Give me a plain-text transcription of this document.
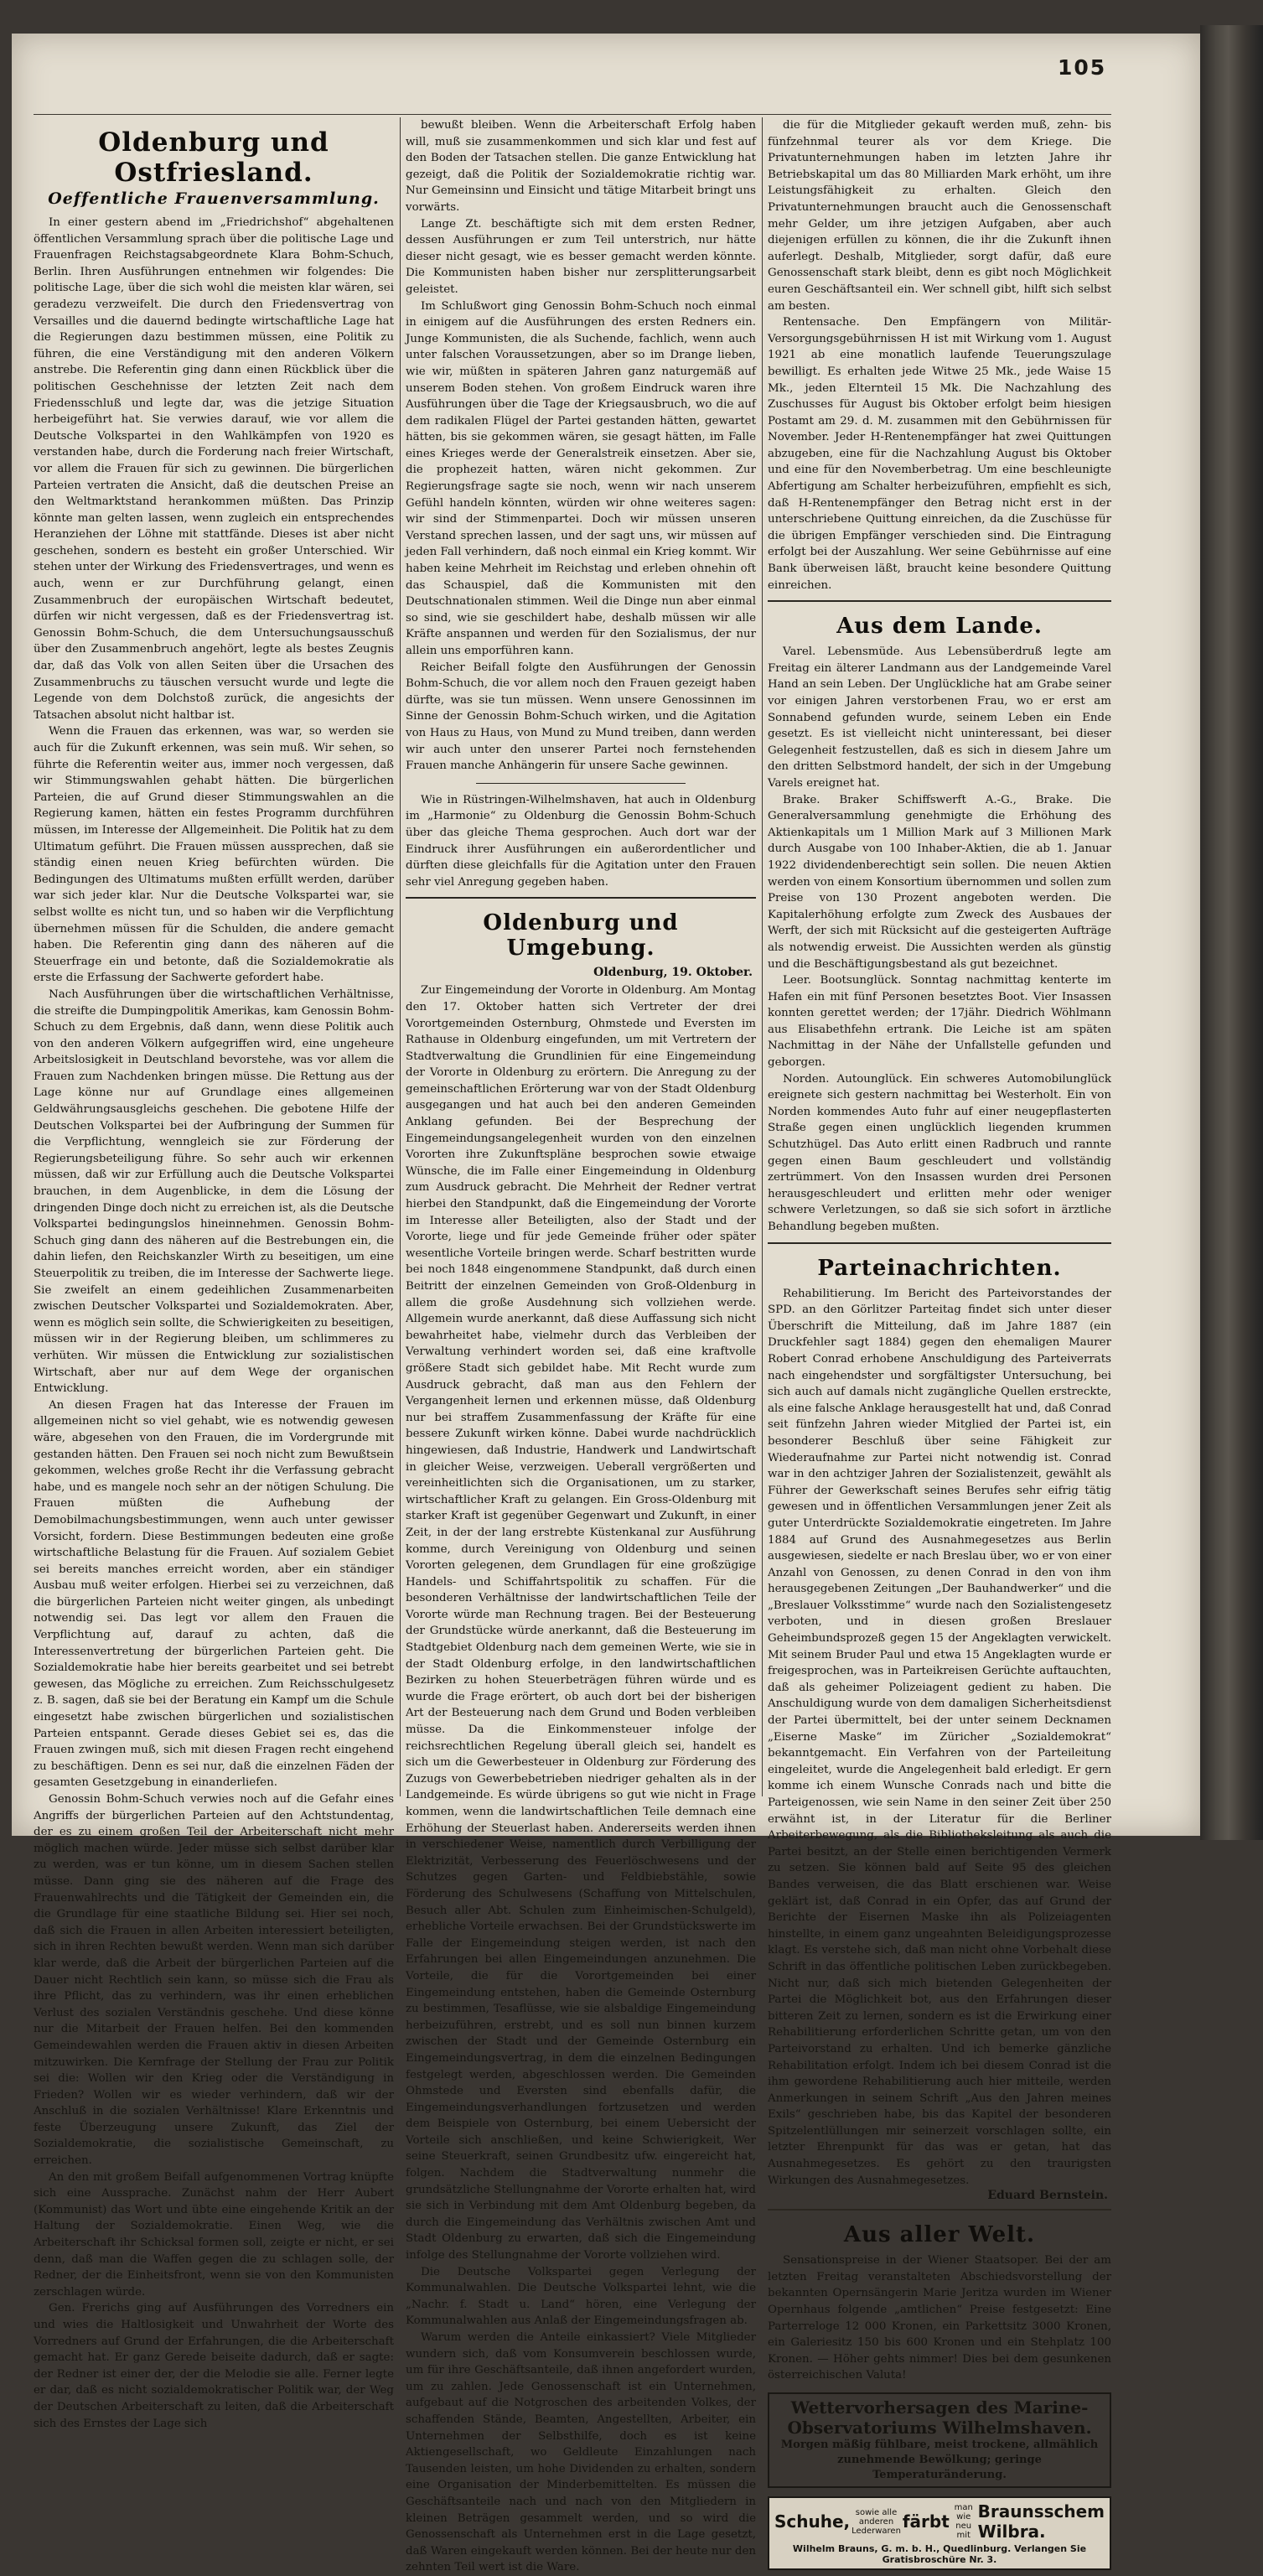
105
Oldenburg und Ostfriesland.
Oeffentliche Frauenversammlung.

In einer gestern abend im „Friedrichshof“ abgehaltenen öffentlichen Versammlung sprach über die politische Lage und Frauenfragen Reichstagsabgeordnete Klara Bohm-Schuch, Berlin. Ihren Ausführungen entnehmen wir folgendes: Die politische Lage, über die sich wohl die meisten klar wären, sei geradezu verzweifelt. Die durch den Friedensvertrag von Versailles und die dauernd bedingte wirtschaftliche Lage hat die Regierungen dazu bestimmen müssen, eine Politik zu führen, die eine Verständigung mit den anderen Völkern anstrebe. Die Referentin ging dann einen Rückblick über die politischen Geschehnisse der letzten Zeit nach dem Friedensschluß und legte dar, was die jetzige Situation herbeigeführt hat. Sie verwies darauf, wie vor allem die Deutsche Volkspartei in den Wahlkämpfen von 1920 es verstanden habe, durch die Forderung nach freier Wirtschaft, vor allem die Frauen für sich zu gewinnen. Die bürgerlichen Parteien vertraten die Ansicht, daß die deutschen Preise an den Weltmarktstand herankommen müßten. Das Prinzip könnte man gelten lassen, wenn zugleich ein entsprechendes Heranziehen der Löhne mit stattfände. Dieses ist aber nicht geschehen, sondern es besteht ein großer Unterschied. Wir stehen unter der Wirkung des Friedensvertrages, und wenn es auch, wenn er zur Durchführung gelangt, einen Zusammenbruch der europäischen Wirtschaft bedeutet, dürfen wir nicht vergessen, daß es der Friedensvertrag ist. Genossin Bohm-Schuch, die dem Untersuchungsausschuß über den Zusammenbruch angehört, legte als bestes Zeugnis dar, daß das Volk von allen Seiten über die Ursachen des Zusammenbruchs zu täuschen versucht wurde und legte die Legende von dem Dolchstoß zurück, die angesichts der Tatsachen absolut nicht haltbar ist.

Wenn die Frauen das erkennen, was war, so werden sie auch für die Zukunft erkennen, was sein muß. Wir sehen, so führte die Referentin weiter aus, immer noch vergessen, daß wir Stimmungswahlen gehabt hätten. Die bürgerlichen Parteien, die auf Grund dieser Stimmungswahlen an die Regierung kamen, hätten ein festes Programm durchführen müssen, im Interesse der Allgemeinheit. Die Politik hat zu dem Ultimatum geführt. Die Frauen müssen aussprechen, daß sie ständig einen neuen Krieg befürchten würden. Die Bedingungen des Ultimatums mußten erfüllt werden, darüber war sich jeder klar. Nur die Deutsche Volkspartei war, sie selbst wollte es nicht tun, und so haben wir die Verpflichtung übernehmen müssen für die Schulden, die andere gemacht haben. Die Referentin ging dann des näheren auf die Steuerfrage ein und betonte, daß die Sozialdemokratie als erste die Erfassung der Sachwerte gefordert habe.

Nach Ausführungen über die wirtschaftlichen Verhältnisse, die streifte die Dumpingpolitik Amerikas, kam Genossin Bohm-Schuch zu dem Ergebnis, daß dann, wenn diese Politik auch von den anderen Völkern aufgegriffen wird, eine ungeheure Arbeitslosigkeit in Deutschland bevorstehe, was vor allem die Frauen zum Nachdenken bringen müsse. Die Rettung aus der Lage könne nur auf Grundlage eines allgemeinen Geldwährungsausgleichs geschehen. Die gebotene Hilfe der Deutschen Volkspartei bei der Aufbringung der Summen für die Verpflichtung, wenngleich sie zur Förderung der Regierungsbeteiligung führe. So sehr auch wir erkennen müssen, daß wir zur Erfüllung auch die Deutsche Volkspartei brauchen, in dem Augenblicke, in dem die Lösung der dringenden Dinge doch nicht zu erreichen ist, als die Deutsche Volkspartei bedingungslos hineinnehmen. Genossin Bohm-Schuch ging dann des näheren auf die Bestrebungen ein, die dahin liefen, den Reichskanzler Wirth zu beseitigen, um eine Steuerpolitik zu treiben, die im Interesse der Sachwerte liege. Sie zweifelt an einem gedeihlichen Zusammenarbeiten zwischen Deutscher Volkspartei und Sozialdemokraten. Aber, wenn es möglich sein sollte, die Schwierigkeiten zu beseitigen, müssen wir in der Regierung bleiben, um schlimmeres zu verhüten. Wir müssen die Entwicklung zur sozialistischen Wirtschaft, aber nur auf dem Wege der organischen Entwicklung.

An diesen Fragen hat das Interesse der Frauen im allgemeinen nicht so viel gehabt, wie es notwendig gewesen wäre, abgesehen von den Frauen, die im Vordergrunde mit gestanden hätten. Den Frauen sei noch nicht zum Bewußtsein gekommen, welches große Recht ihr die Verfassung gebracht habe, und es mangele noch sehr an der nötigen Schulung. Die Frauen müßten die Aufhebung der Demobilmachungsbestimmungen, wenn auch unter gewisser Vorsicht, fordern. Diese Bestimmungen bedeuten eine große wirtschaftliche Belastung für die Frauen. Auf sozialem Gebiet sei bereits manches erreicht worden, aber ein ständiger Ausbau muß weiter erfolgen. Hierbei sei zu verzeichnen, daß die bürgerlichen Parteien nicht weiter gingen, als unbedingt notwendig sei. Das legt vor allem den Frauen die Verpflichtung auf, darauf zu achten, daß die Interessenvertretung der bürgerlichen Parteien geht. Die Sozialdemokratie habe hier bereits gearbeitet und sei betrebt gewesen, das Mögliche zu erreichen. Zum Reichsschulgesetz z. B. sagen, daß sie bei der Beratung ein Kampf um die Schule eingesetzt habe zwischen bürgerlichen und sozialistischen Parteien entspannt. Gerade dieses Gebiet sei es, das die Frauen zwingen muß, sich mit diesen Fragen recht eingehend zu beschäftigen. Denn es sei nur, daß die einzelnen Fäden der gesamten Gesetzgebung in einanderliefen.

Genossin Bohm-Schuch verwies noch auf die Gefahr eines Angriffs der bürgerlichen Parteien auf den Achtstundentag, der es zu einem großen Teil der Arbeiterschaft nicht mehr möglich machen würde. Jeder müsse sich selbst darüber klar zu werden, was er tun könne, um in diesem Sachen stellen müsse. Dann ging sie des näheren auf die Frage des Frauenwahlrechts und die Tätigkeit der Gemeinden ein, die die Grundlage für eine staatliche Bildung sei. Hier sei noch, daß sich die Frauen in allen Arbeiten interessiert beteiligten, sich in ihren Rechten bewußt werden. Wenn man sich darüber klar werde, daß die Arbeit der bürgerlichen Parteien auf die Dauer nicht Rechtlich sein kann, so müsse sich die Frau als ihre Pflicht, das zu verhindern, was ihr einen erheblichen Verlust des sozialen Verständnis geschehe. Und diese könne nur die Mitarbeit der Frauen helfen. Bei den kommenden Gemeindewahlen werden die Frauen aktiv in diesen Arbeiten mitzuwirken. Die Kernfrage der Stellung der Frau zur Politik sei die: Wollen wir den Krieg oder die Verständigung in Frieden? Wollen wir es wieder verhindern, daß wir der Anschluß in die sozialen Verhältnisse! Klare Erkenntnis und feste Überzeugung unsere Zukunft, das Ziel der Sozialdemokratie, die sozialistische Gemeinschaft, zu erreichen.

An den mit großem Beifall aufgenommenen Vortrag knüpfte sich eine Aussprache. Zunächst nahm der Herr Aubert (Kommunist) das Wort und übte eine eingehende Kritik an der Haltung der Sozialdemokratie. Einen Weg, wie die Arbeiterschaft ihr Schicksal formen soll, zeigte er nicht, er sei denn, daß man die Waffen gegen die zu schlagen solle, der Redner, der die Einheitsfront, wenn sie von den Kommunisten zerschlagen würde.

Gen. Frerichs ging auf Ausführungen des Vorredners ein und wies die Haltlosigkeit und Unwahrheit der Worte des Vorredners auf Grund der Erfahrungen, die die Arbeiterschaft gemacht hat. Er ganz Gerede beiseite dadurch, daß er sagte: der Redner ist einer der, der die Melodie sie alle. Ferner legte er dar, daß es nicht sozialdemokratischer Politik war, der Weg der Deutschen Arbeiterschaft zu leiten, daß die Arbeiterschaft sich des Ernstes der Lage sich

bewußt bleiben. Wenn die Arbeiterschaft Erfolg haben will, muß sie zusammenkommen und sich klar und fest auf den Boden der Tatsachen stellen. Die ganze Entwicklung hat gezeigt, daß die Politik der Sozialdemokratie richtig war. Nur Gemeinsinn und Einsicht und tätige Mitarbeit bringt uns vorwärts.

Lange Zt. beschäftigte sich mit dem ersten Redner, dessen Ausführungen er zum Teil unterstrich, nur hätte dieser nicht gesagt, wie es besser gemacht werden könnte. Die Kommunisten haben bisher nur zersplitterungsarbeit geleistet.

Im Schlußwort ging Genossin Bohm-Schuch noch einmal in einigem auf die Ausführungen des ersten Redners ein. Junge Kommunisten, die als Suchende, fachlich, wenn auch unter falschen Voraussetzungen, aber so im Drange lieben, wie wir, müßten in späteren Jahren ganz naturgemäß auf unserem Boden stehen. Von großem Eindruck waren ihre Ausführungen über die Tage der Kriegsausbruch, wo die auf dem radikalen Flügel der Partei gestanden hätten, gewartet hätten, bis sie gekommen wären, sie gesagt hätten, im Falle eines Krieges werde der Generalstreik einsetzen. Aber sie, die prophezeit hatten, wären nicht gekommen. Zur Regierungsfrage sagte sie noch, wenn wir nach unserem Gefühl handeln könnten, würden wir ohne weiteres sagen: wir sind der Stimmenpartei. Doch wir müssen unseren Verstand sprechen lassen, und der sagt uns, wir müssen auf jeden Fall verhindern, daß noch einmal ein Krieg kommt. Wir haben keine Mehrheit im Reichstag und erleben ohnehin oft das Schauspiel, daß die Kommunisten mit den Deutschnationalen stimmen. Weil die Dinge nun aber einmal so sind, wie sie geschildert habe, deshalb müssen wir alle Kräfte anspannen und werden für den Sozialismus, der nur allein uns emporführen kann.

Reicher Beifall folgte den Ausführungen der Genossin Bohm-Schuch, die vor allem noch den Frauen gezeigt haben dürfte, was sie tun müssen. Wenn unsere Genossinnen im Sinne der Genossin Bohm-Schuch wirken, und die Agitation von Haus zu Haus, von Mund zu Mund treiben, dann werden wir auch unter den unserer Partei noch fernstehenden Frauen manche Anhängerin für unsere Sache gewinnen.

Wie in Rüstringen-Wilhelmshaven, hat auch in Oldenburg im „Harmonie“ zu Oldenburg die Genossin Bohm-Schuch über das gleiche Thema gesprochen. Auch dort war der Eindruck ihrer Ausführungen ein außerordentlicher und dürften diese gleichfalls für die Agitation unter den Frauen sehr viel Anregung gegeben haben.

Oldenburg und Umgebung.
Oldenburg, 19. Oktober.

Zur Eingemeindung der Vororte in Oldenburg. Am Montag den 17. Oktober hatten sich Vertreter der drei Vorortgemeinden Osternburg, Ohmstede und Eversten im Rathause in Oldenburg eingefunden, um mit Vertretern der Stadtverwaltung die Grundlinien für eine Eingemeindung der Vororte in Oldenburg zu erörtern. Die Anregung zu der gemeinschaftlichen Erörterung war von der Stadt Oldenburg ausgegangen und hat auch bei den anderen Gemeinden Anklang gefunden. Bei der Besprechung der Eingemeindungsangelegenheit wurden von den einzelnen Vororten ihre Zukunftspläne besprochen sowie etwaige Wünsche, die im Falle einer Eingemeindung in Oldenburg zum Ausdruck gebracht. Die Mehrheit der Redner vertrat hierbei den Standpunkt, daß die Eingemeindung der Vororte im Interesse aller Beteiligten, also der Stadt und der Vororte, liege und für jede Gemeinde früher oder später wesentliche Vorteile bringen werde. Scharf bestritten wurde bei noch 1848 eingenommene Standpunkt, daß durch einen Beitritt der einzelnen Gemeinden von Groß-Oldenburg in allem die große Ausdehnung sich vollziehen werde. Allgemein wurde anerkannt, daß diese Auffassung sich nicht bewahrheitet habe, vielmehr durch das Verbleiben der Verwaltung verhindert worden sei, daß eine kraftvolle größere Stadt sich gebildet habe. Mit Recht wurde zum Ausdruck gebracht, daß man aus den Fehlern der Vergangenheit lernen und erkennen müsse, daß Oldenburg nur bei straffem Zusammenfassung der Kräfte für eine bessere Zukunft wirken könne. Dabei wurde nachdrücklich hingewiesen, daß Industrie, Handwerk und Landwirtschaft in gleicher Weise, verzweigen. Ueberall vergrößerten und vereinheitlichten sich die Organisationen, um zu starker, wirtschaftlicher Kraft zu gelangen. Ein Gross-Oldenburg mit starker Kraft ist gegenüber Gegenwart und Zukunft, in einer Zeit, in der der lang erstrebte Küstenkanal zur Ausführung komme, durch Vereinigung von Oldenburg und seinen Vororten gelegenen, dem Grundlagen für eine großzügige Handels- und Schiffahrtspolitik zu schaffen. Für die besonderen Verhältnisse der landwirtschaftlichen Teile der Vororte würde man Rechnung tragen. Bei der Besteuerung der Grundstücke würde anerkannt, daß die Besteuerung im Stadtgebiet Oldenburg nach dem gemeinen Werte, wie sie in der Stadt Oldenburg erfolge, in den landwirtschaftlichen Bezirken zu hohen Steuerbeträgen führen würde und es wurde die Frage erörtert, ob auch dort bei der bisherigen Art der Besteuerung nach dem Grund und Boden verbleiben müsse. Da die Einkommensteuer infolge der reichsrechtlichen Regelung überall gleich sei, handelt es sich um die Gewerbesteuer in Oldenburg zur Förderung des Zuzugs von Gewerbebetrieben niedriger gehalten als in der Landgemeinde. Es würde übrigens so gut wie nicht in Frage kommen, wenn die landwirtschaftlichen Teile demnach eine Erhöhung der Steuerlast haben. Andererseits werden ihnen in verschiedener Weise, namentlich durch Verbilligung der Elektrizität, Verbesserung des Feuerlöschwesens und der Schutzes gegen Garten- und Feldbiebstähle, sowie Förderung des Schulwesens (Schaffung von Mittelschulen, Besuch aller Abt. Schulen zum Einheimischen-Schulgeld), erhebliche Vorteile erwachsen. Bei der Grundstückswerte im Falle der Eingemeindung steigen werden, ist nach den Erfahrungen bei allen Eingemeindungen anzunehmen. Die Vorteile, die für die Vorortgemeinden bei einer Eingemeindung entstehen, haben die Gemeinde Osternburg zu bestimmen, Tesaflüsse, wie sie alsbaldige Eingemeindung herbeizuführen, erstrebt, und es soll nun binnen kurzem zwischen der Stadt und der Gemeinde Osternburg ein Eingemeindungsvertrag, in dem die einzelnen Bedingungen festgelegt werden, abgeschlossen werden. Die Gemeinden Ohmstede und Eversten sind ebenfalls dafür, die Eingemeindungsverhandlungen fortzusetzen und werden dem Beispiele von Osternburg, bei einem Uebersicht der Vorteile sich anschließen, und keine Schwierigkeit, Wer seine Steuerkraft, seinen Grundbesitz ufw. eingereicht hat, folgen. Nachdem die Stadtverwaltung nunmehr die grundsätzliche Stellungnahme der Vororte erhalten hat, wird sie sich in Verbindung mit dem Amt Oldenburg begeben, da durch die Eingemeindung das Verhältnis zwischen Amt und Stadt Oldenburg zu erwarten, daß sich die Eingemeindung infolge des Stellungnahme der Vororte vollziehen wird.

Die Deutsche Volkspartei gegen Verlegung der Kommunalwahlen. Die Deutsche Volkspartei lehnt, wie die „Nachr. f. Stadt u. Land“ hören, eine Verlegung der Kommunalwahlen aus Anlaß der Eingemeindungsfragen ab.

Warum werden die Anteile einkassiert? Viele Mitglieder wundern sich, daß vom Konsumverein beschlossen wurde, um für ihre Geschäftsanteile, daß ihnen angefordert wurden, um zu zahlen. Jede Genossenschaft ist ein Unternehmen, aufgebaut auf die Notgroschen des arbeitenden Volkes, der schaffenden Stände, Beamten, Angestellten, Arbeiter, ein Unternehmen der Selbsthilfe, doch es ist keine Aktiengesellschaft, wo Geldleute Einzahlungen nach Tausenden leisten, um hohe Dividenden zu erhalten, sondern eine Organisation der Minderbemittelten. Es müssen die Geschäftsanteile nach und nach von den Mitgliedern in kleinen Beträgen gesammelt werden, und so wird die Genossenschaft als Unternehmen erst in die Lage gesetzt, daß Waren eingekauft werden können. Bei der heute nur den zehnten Teil wert ist die Ware.

die für die Mitglieder gekauft werden muß, zehn- bis fünfzehnmal teurer als vor dem Kriege. Die Privatunternehmungen haben im letzten Jahre ihr Betriebskapital um das 80 Milliarden Mark erhöht, um ihre Leistungsfähigkeit zu erhalten. Gleich den Privatunternehmungen braucht auch die Genossenschaft mehr Gelder, um ihre jetzigen Aufgaben, aber auch diejenigen erfüllen zu können, die ihr die Zukunft ihnen auferlegt. Deshalb, Mitglieder, sorgt dafür, daß eure Genossenschaft stark bleibt, denn es gibt noch Möglichkeit euren Geschäftsanteil ein. Wer schnell gibt, hilft sich selbst am besten.

Rentensache. Den Empfängern von Militär-Versorgungsgebührnissen H ist mit Wirkung vom 1. August 1921 ab eine monatlich laufende Teuerungszulage bewilligt. Es erhalten jede Witwe 25 Mk., jede Waise 15 Mk., jeden Elternteil 15 Mk. Die Nachzahlung des Zuschusses für August bis Oktober erfolgt beim hiesigen Postamt am 29. d. M. zusammen mit den Gebührnissen für November. Jeder H-Rentenempfänger hat zwei Quittungen abzugeben, eine für die Nachzahlung August bis Oktober und eine für den Novemberbetrag. Um eine beschleunigte Abfertigung am Schalter herbeizuführen, empfiehlt es sich, daß H-Rentenempfänger den Betrag nicht erst in der unterschriebene Quittung einreichen, da die Zuschüsse für die übrigen Empfänger verschieden sind. Die Eintragung erfolgt bei der Auszahlung. Wer seine Gebührnisse auf eine Bank überweisen läßt, braucht keine besondere Quittung einreichen.

Aus dem Lande.

Varel. Lebensmüde. Aus Lebensüberdruß legte am Freitag ein älterer Landmann aus der Landgemeinde Varel Hand an sein Leben. Der Unglückliche hat am Grabe seiner vor einigen Jahren verstorbenen Frau, wo er erst am Sonnabend gefunden wurde, seinem Leben ein Ende gesetzt. Es ist vielleicht nicht uninteressant, bei dieser Gelegenheit festzustellen, daß es sich in diesem Jahre um den dritten Selbstmord handelt, der sich in der Umgebung Varels ereignet hat.

Brake. Braker Schiffswerft A.-G., Brake. Die Generalversammlung genehmigte die Erhöhung des Aktienkapitals um 1 Million Mark auf 3 Millionen Mark durch Ausgabe von 100 Inhaber-Aktien, die ab 1. Januar 1922 dividendenberechtigt sein sollen. Die neuen Aktien werden von einem Konsortium übernommen und sollen zum Preise von 130 Prozent angeboten werden. Die Kapitalerhöhung erfolgte zum Zweck des Ausbaues der Werft, der sich mit Rücksicht auf die gesteigerten Aufträge als notwendig erweist. Die Aussichten werden als günstig und die Beschäftigungsbestand als gut bezeichnet.

Leer. Bootsunglück. Sonntag nachmittag kenterte im Hafen ein mit fünf Personen besetztes Boot. Vier Insassen konnten gerettet werden; der 17jähr. Diedrich Wöhlmann aus Elisabethfehn ertrank. Die Leiche ist am späten Nachmittag in der Nähe der Unfallstelle gefunden und geborgen.

Norden. Autounglück. Ein schweres Automobilunglück ereignete sich gestern nachmittag bei Westerholt. Ein von Norden kommendes Auto fuhr auf einer neugepflasterten Straße gegen einen unglücklich liegenden krummen Schutzhügel. Das Auto erlitt einen Radbruch und rannte gegen einen Baum geschleudert und vollständig zertrümmert. Von den Insassen wurden drei Personen herausgeschleudert und erlitten mehr oder weniger schwere Verletzungen, so daß sie sich sofort in ärztliche Behandlung begeben mußten.

Parteinachrichten.

Rehabilitierung. Im Bericht des Parteivorstandes der SPD. an den Görlitzer Parteitag findet sich unter dieser Überschrift die Mitteilung, daß im Jahre 1887 (ein Druckfehler sagt 1884) gegen den ehemaligen Maurer Robert Conrad erhobene Anschuldigung des Parteiverrats nach eingehendster und sorgfältigster Untersuchung, bei sich auch auf damals nicht zugängliche Quellen erstreckte, als eine falsche Anklage herausgestellt hat und, daß Conrad seit fünfzehn Jahren wieder Mitglied der Partei ist, ein besonderer Beschluß über seine Fähigkeit zur Wiederaufnahme zur Partei nicht notwendig ist. Conrad war in den achtziger Jahren der Sozialistenzeit, gewählt als Führer der Gewerkschaft seines Berufes sehr eifrig tätig gewesen und in öffentlichen Versammlungen jener Zeit als guter Unterdrückte Sozialdemokratie eingetreten. Im Jahre 1884 auf Grund des Ausnahmegesetzes aus Berlin ausgewiesen, siedelte er nach Breslau über, wo er von einer Anzahl von Genossen, zu denen Conrad in den von ihm herausgegebenen Zeitungen „Der Bauhandwerker“ und die „Breslauer Volksstimme“ wurde nach den Sozialistengesetz verboten, und in diesen großen Breslauer Geheimbundsprozeß gegen 15 der Angeklagten verwickelt. Mit seinem Bruder Paul und etwa 15 Angeklagten wurde er freigesprochen, was in Parteikreisen Gerüchte auftauchten, daß als geheimer Polizeiagent gedient zu haben. Die Anschuldigung wurde von dem damaligen Sicherheitsdienst der Partei übermittelt, bei der unter seinem Decknamen „Eiserne Maske“ im Züricher „Sozialdemokrat“ bekanntgemacht. Ein Verfahren von der Parteileitung eingeleitet, wurde die Angelegenheit bald erledigt. Er gern komme ich einem Wunsche Conrads nach und bitte die Parteigenossen, wie sein Name in den seiner Zeit über 250 erwähnt ist, in der Literatur für die Berliner Arbeiterbewegung, als die Bibliotheksleitung als auch die Partei besitzt, an der Stelle einen berichtigenden Vermerk zu setzen. Sie können bald auf Seite 95 des gleichen Bandes verweisen, die das Blatt erschienen war. Weise geklärt ist, daß Conrad in ein Opfer, das auf Grund der Berichte der Eisernen Maske ihn als Polizeiagenten hinstellte, in einem ganz ungeahnten Beleidigungsprozesse klagt. Es verstehe sich, daß man nicht ohne Vorbehalt diese Schrift in das öffentliche politischen Leben zurückbegeben. Nicht nur, daß sich mich bietenden Gelegenheiten der Partei die Möglichkeit bot, aus den Erfahrungen dieser bitteren Zeit zu lernen, sondern es ist die Erwirkung einer Rehabilitierung erforderlichen Schritte getan, um von den Parteivorstand zu erhalten. Und ich bemerke gänzliche Rehabilitation erfolgt. Indem ich bei diesem Conrad ist die ihm gewordene Rehabilitierung auch hier mitteile, werden Anmerkungen in seinem Schrift „Aus den Jahren meines Exils“ geschrieben habe, bis das Kapitel der besonderen Spitzelentlüllungen mir seinerzeit vorschlagen sollte, ein letzter Ehrenpunkt für das was er getan, hat das Ausnahmegesetzes. Es gehört zu den traurigsten Wirkungen des Ausnahmegesetzes.

Eduard Bernstein.
Aus aller Welt.

Sensationspreise in der Wiener Staatsoper. Bei der am letzten Freitag veranstalteten Abschiedsvorstellung der bekannten Opernsängerin Marie Jeritza wurden im Wiener Opernhaus folgende „amtlichen“ Preise festgesetzt: Eine Parterreloge 12 000 Kronen, ein Parkettsitz 3000 Kronen, ein Galeriesitz 150 bis 600 Kronen und ein Stehplatz 100 Kronen. — Höher gehts nimmer! Dies bei dem gesunkenen österreichischen Valuta!

Wettervorhersagen des Marine-Observatoriums Wilhelmshaven.
Morgen mäßig fühlbare, meist trockene, allmählich zunehmende Bewölkung; geringe Temperaturänderung.
Schuhe, sowie alle anderen Lederwaren färbt
man wie neu mit
Braunsschem Wilbra.
Wilhelm Brauns, G. m. b. H., Quedlinburg. Verlangen Sie Gratisbroschüre Nr. 3.
